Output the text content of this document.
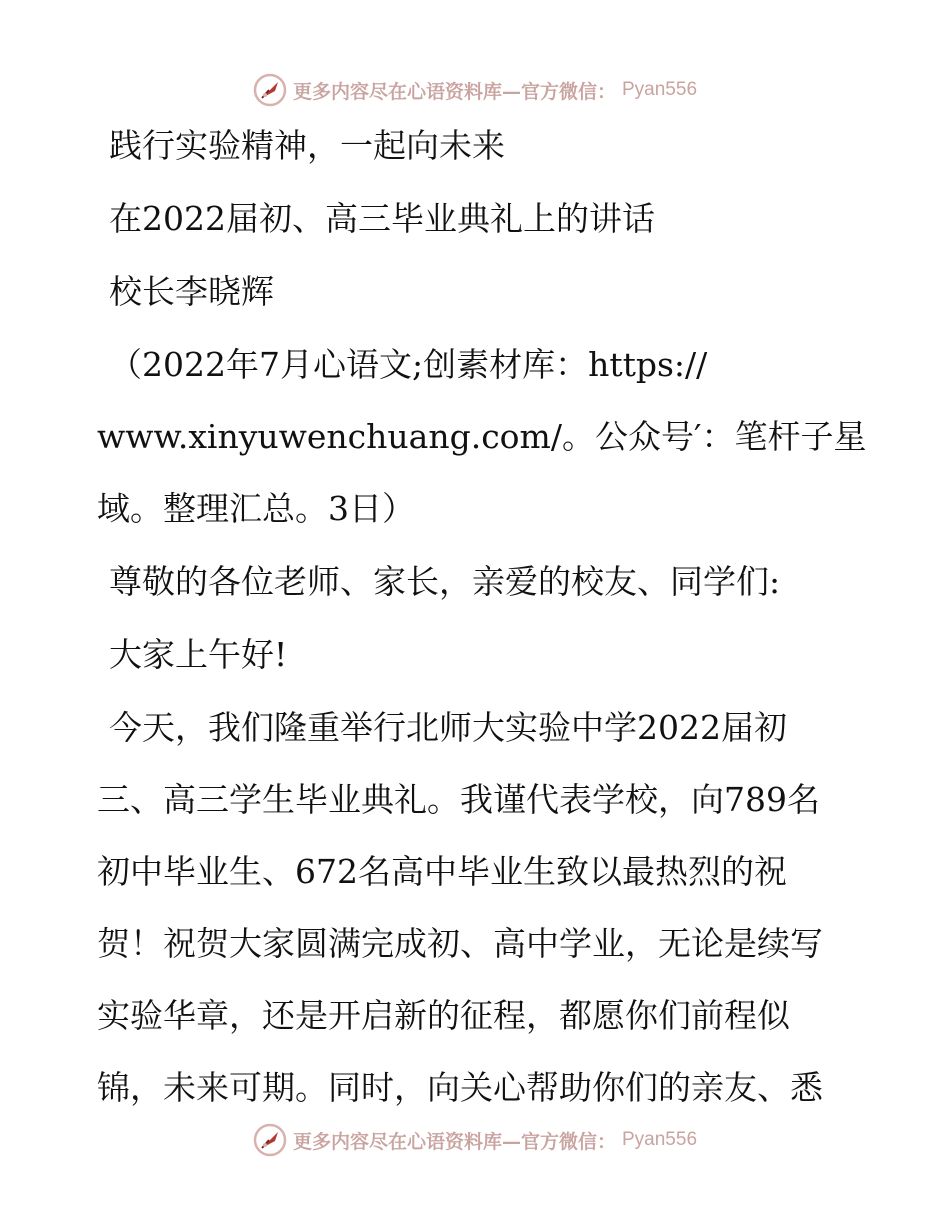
更多内容尽在心语资料库—官方微信： Pyan556

践行实验精神，一起向未来

在2022届初、高三毕业典礼上的讲话

校长李晓辉

（2022年7月心语文;创素材库：https://
www.xinyuwenchuang.com/。公众号′：笔杆子星
域。整理汇总。3日）

尊敬的各位老师、家长，亲爱的校友、同学们:

大家上午好!

今天，我们隆重举行北师大实验中学2022届初
三、高三学生毕业典礼。我谨代表学校，向789名
初中毕业生、672名高中毕业生致以最热烈的祝
贺！祝贺大家圆满完成初、高中学业，无论是续写
实验华章，还是开启新的征程，都愿你们前程似
锦，未来可期。同时，向关心帮助你们的亲友、悉
更多内容尽在心语资料库—官方微信： Pyan556
